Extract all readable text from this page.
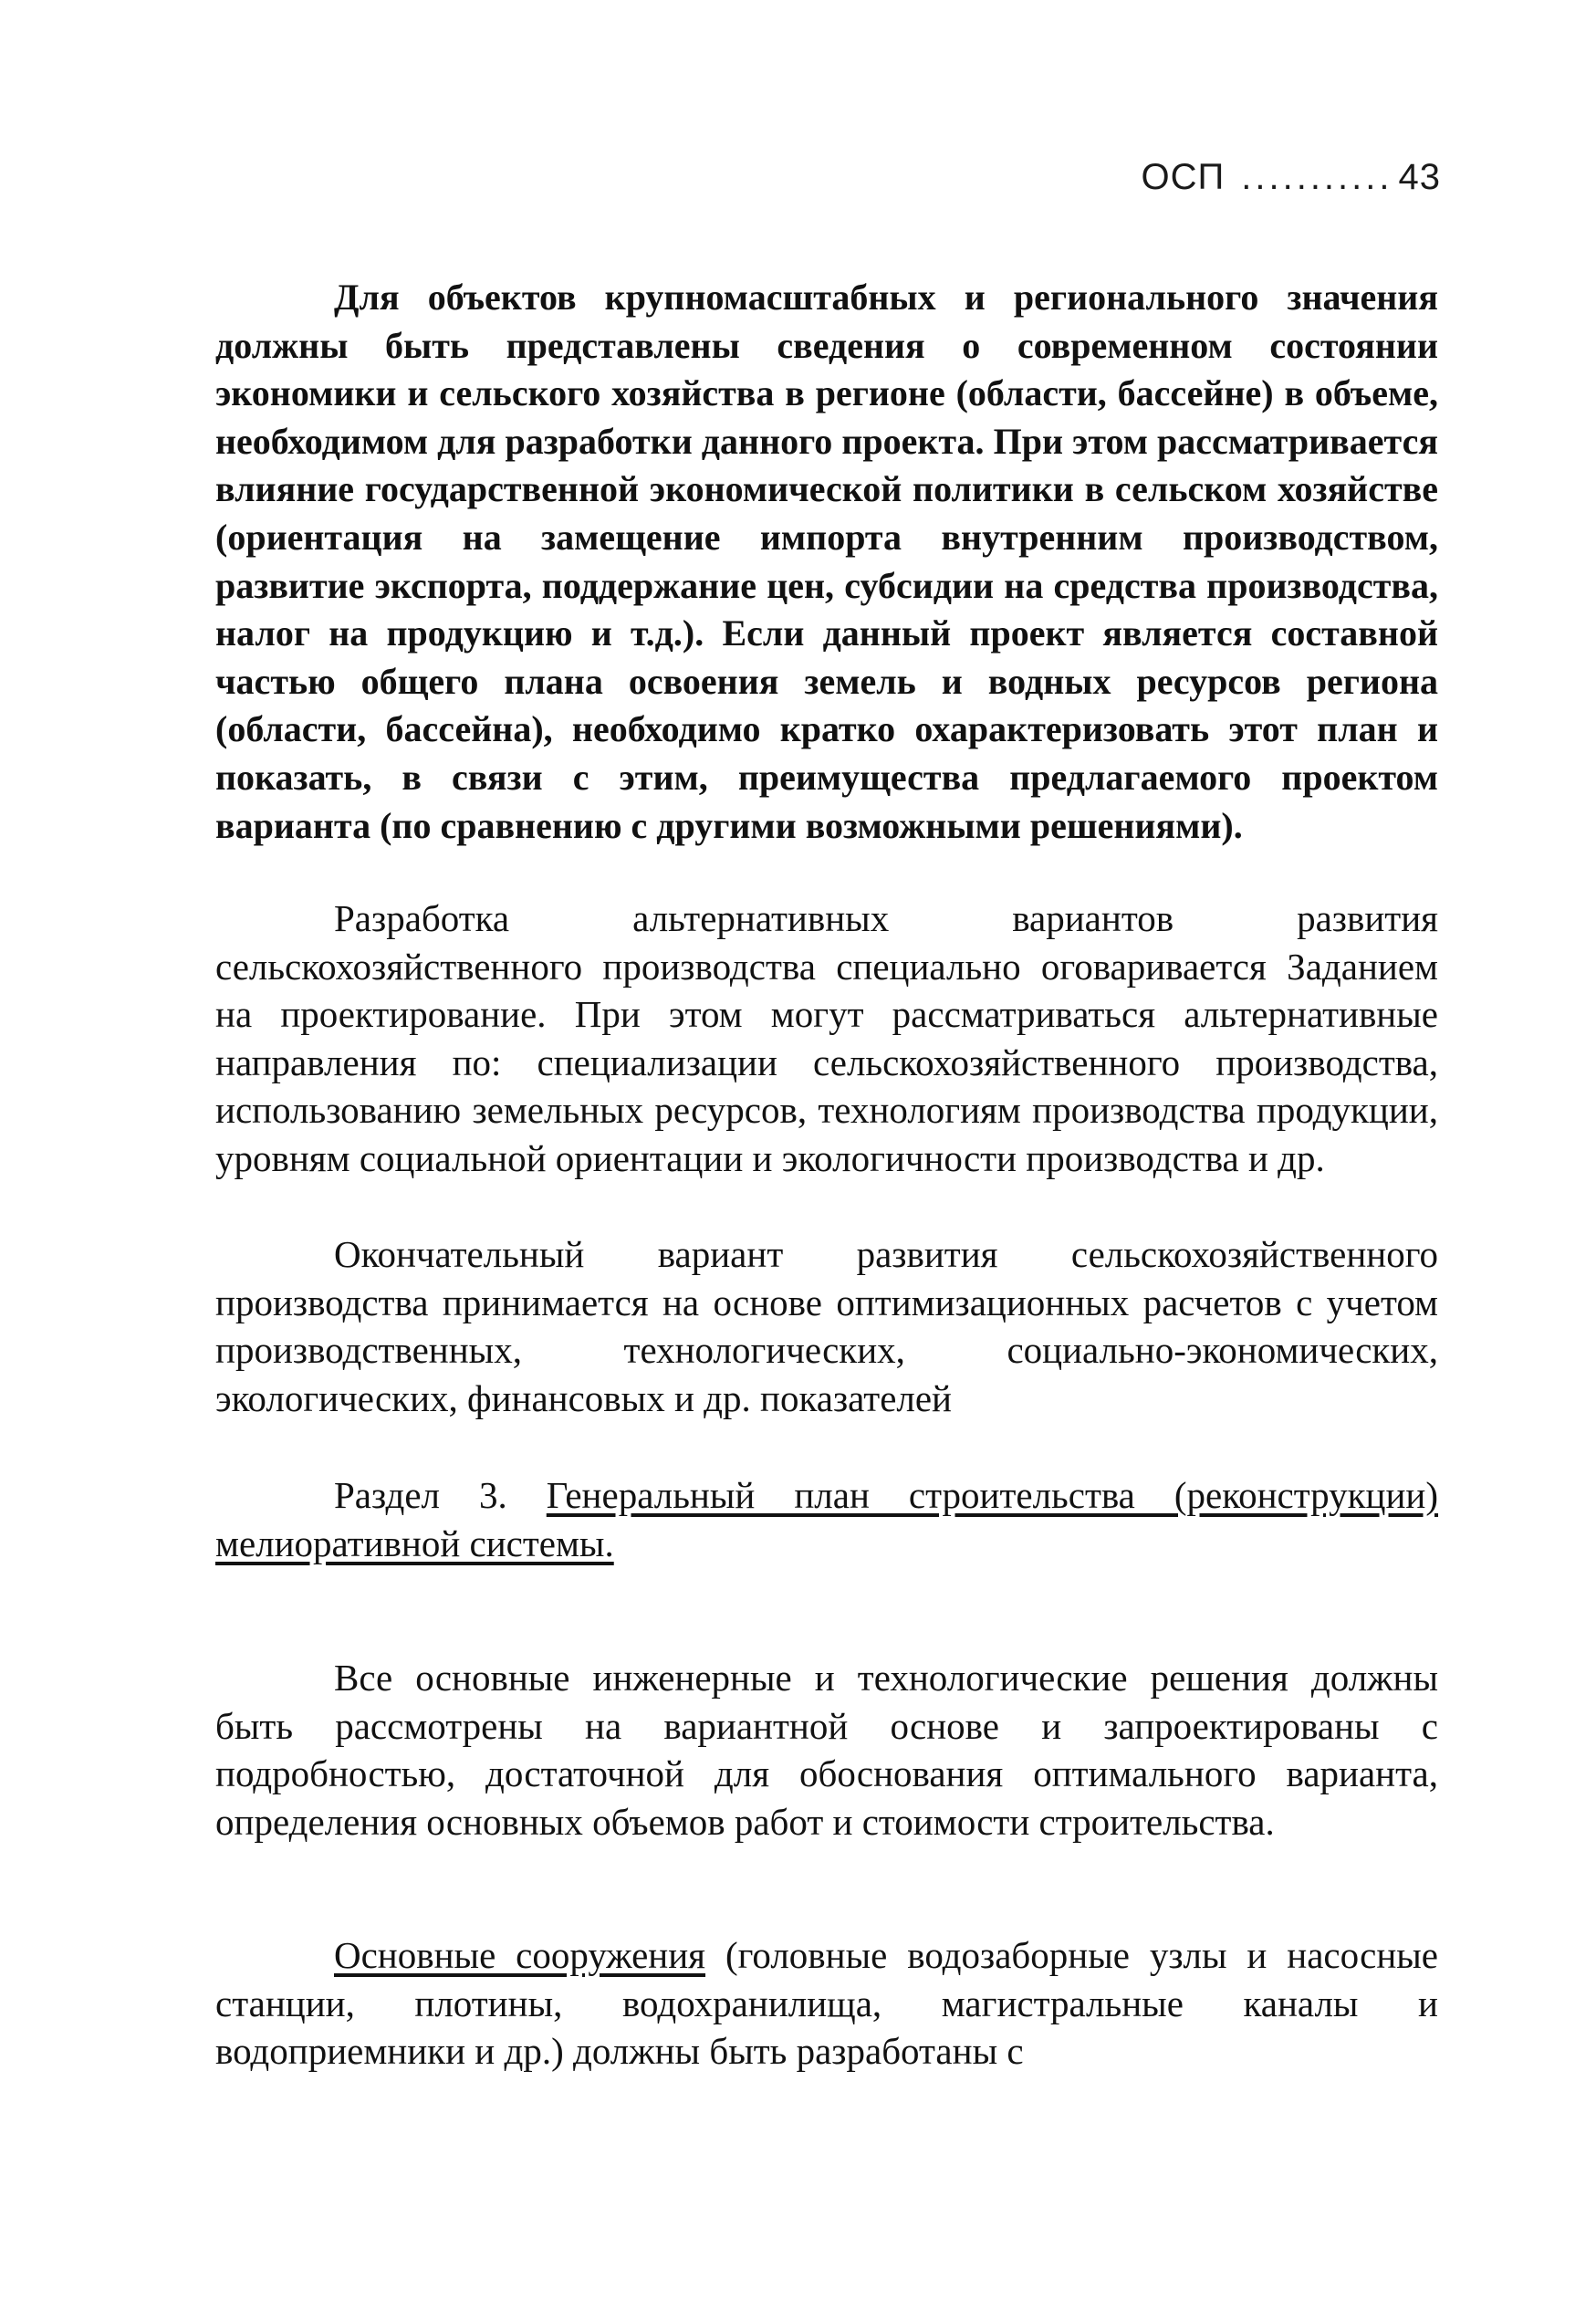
ОСП ........... 43

Для объектов крупномасштабных и регионального значения должны быть представлены сведения о современном состоянии экономики и сельского хозяйства в регионе (области, бассейне) в объеме, необходимом для разработки данного проекта. При этом рассматривается влияние государственной экономической политики в сельском хозяйстве (ориентация на замещение импорта внутренним производством, развитие экспорта, поддержание цен, субсидии на средства производства, налог на продукцию и т.д.). Если данный проект является составной частью общего плана освоения земель и водных ресурсов региона (области, бассейна), необходимо кратко охарактеризовать этот план и показать, в связи с этим, преимущества предлагаемого проектом варианта (по сравнению с другими возможными решениями).

Разработка альтернативных вариантов развития сельскохозяйственного производства специально оговаривается Заданием на проектирование. При этом могут рассматриваться альтернативные направления по: специализации сельскохозяйственного производства, использованию земельных ресурсов, технологиям производства продукции, уровням социальной ориентации и экологичности производства и др.

Окончательный вариант развития сельскохозяйственного производства принимается на основе оптимизационных расчетов с учетом производственных, технологических, социально-экономических, экологических, финансовых и др. показателей

Раздел 3. Генеральный план строительства (реконструкции) мелиоративной системы.

Все основные инженерные и технологические решения должны быть рассмотрены на вариантной основе и запроектированы с подробностью, достаточной для обоснования оптимального варианта, определения основных объемов работ и стоимости строительства.

Основные сооружения (головные водозаборные узлы и насосные станции, плотины, водохранилища, магистральные каналы и водоприемники и др.) должны быть разработаны с
